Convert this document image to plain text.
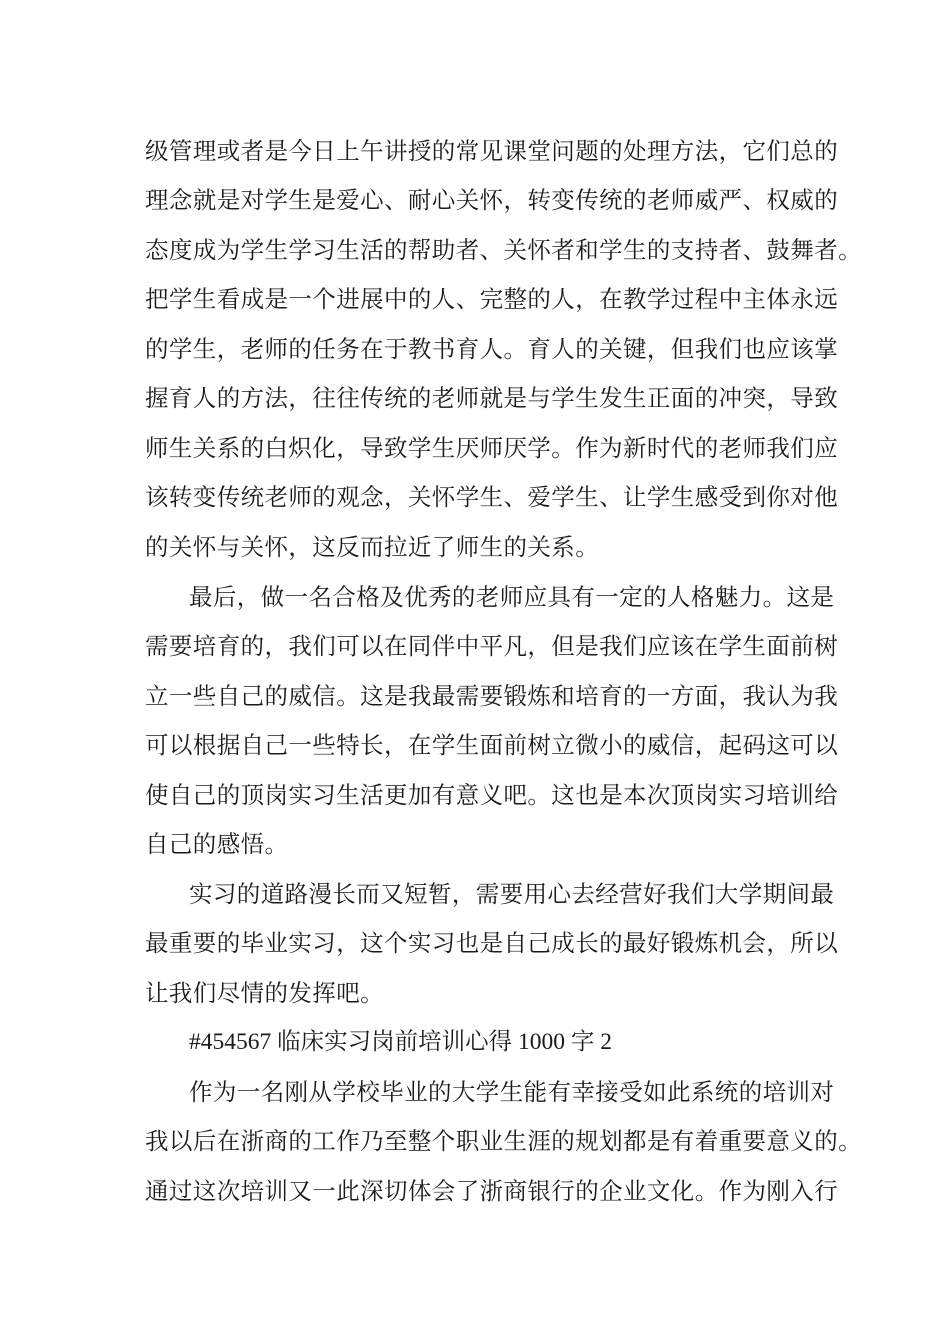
级管理或者是今日上午讲授的常见课堂问题的处理方法，它们总的
理念就是对学生是爱心、耐心关怀，转变传统的老师威严、权威的
态度成为学生学习生活的帮助者、关怀者和学生的支持者、鼓舞者。
把学生看成是一个进展中的人、完整的人，在教学过程中主体永远
的学生，老师的任务在于教书育人。育人的关键，但我们也应该掌
握育人的方法，往往传统的老师就是与学生发生正面的冲突，导致
师生关系的白炽化，导致学生厌师厌学。作为新时代的老师我们应
该转变传统老师的观念，关怀学生、爱学生、让学生感受到你对他
的关怀与关怀，这反而拉近了师生的关系。
最后，做一名合格及优秀的老师应具有一定的人格魅力。这是
需要培育的，我们可以在同伴中平凡，但是我们应该在学生面前树
立一些自己的威信。这是我最需要锻炼和培育的一方面，我认为我
可以根据自己一些特长，在学生面前树立微小的威信，起码这可以
使自己的顶岗实习生活更加有意义吧。这也是本次顶岗实习培训给
自己的感悟。
实习的道路漫长而又短暂，需要用心去经营好我们大学期间最
最重要的毕业实习，这个实习也是自己成长的最好锻炼机会，所以
让我们尽情的发挥吧。
#454567 临床实习岗前培训心得 1000 字 2
作为一名刚从学校毕业的大学生能有幸接受如此系统的培训对
我以后在浙商的工作乃至整个职业生涯的规划都是有着重要意义的。
通过这次培训又一此深切体会了浙商银行的企业文化。作为刚入行
